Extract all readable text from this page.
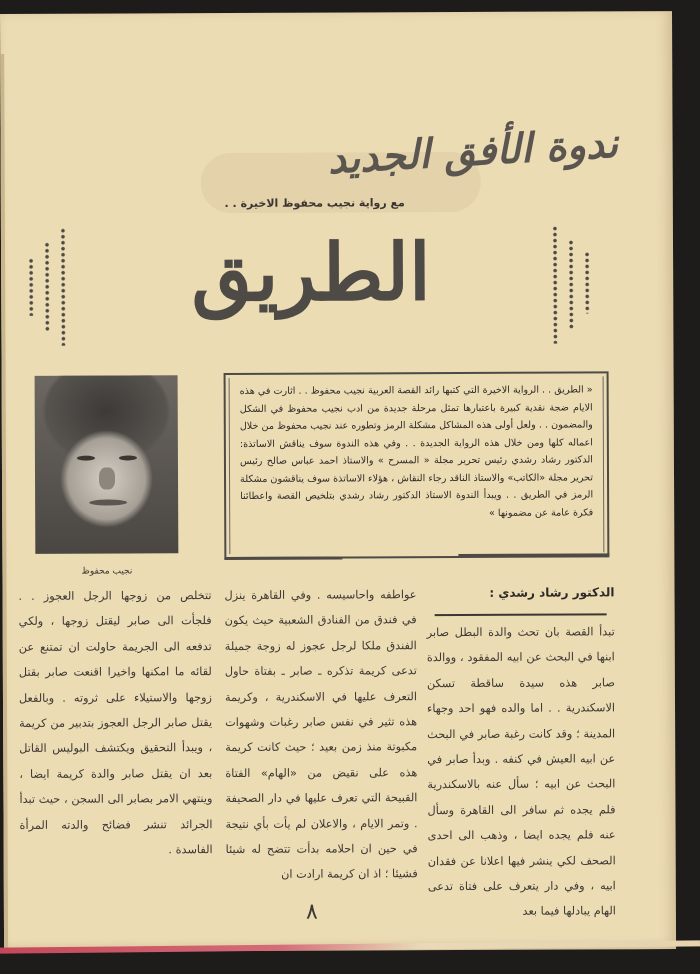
ندوة الأفق الجديد
مع رواية نجيب محفوظ الاخيرة . .
الطريق

« الطريق . . الرواية الاخيرة التي كتبها رائد القصة العربية نجيب محفوظ . . اثارت في هذه الايام ضجة نقدية كبيرة باعتبارها تمثل مرحلة جديدة من ادب نجيب محفوظ في الشكل والمضمون . . ولعل أولى هذه المشاكل مشكلة الرمز وتطوره عند نجيب محفوظ من خلال اعماله كلها ومن خلال هذه الرواية الجديدة . . وفي هذه الندوة سوف يناقش الاساتذة: الدكتور رشاد رشدي رئيس تحرير مجلة « المسرح » والاستاذ احمد عباس صالح رئيس تحرير مجلة «الكاتب» والاستاذ الناقد رجاء النقاش ، هؤلاء الاساتذة سوف يناقشون مشكلة الرمز في الطريق . . ويبدأ الندوة الاستاذ الدكتور رشاد رشدي بتلخيص القصة واعطائنا فكرة عامة عن مضمونها »

نجيب محفوظ
الدكتور رشاد رشدي :

تبدأ القصة بان تحث والدة البطل صابر ابنها في البحث عن ابيه المفقود ، ووالدة صابر هذه سيدة ساقطة تسكن الاسكندرية . . اما والده فهو احد وجهاء المدينة ؛ وقد كانت رغبة صابر في البحث عن ابيه العيش في كنفه . وبدأ صابر في البحث عن ابيه ؛ سأل عنه بالاسكندرية فلم يجده ثم سافر الى القاهرة وسأل عنه فلم يجده ايضا ، وذهب الى احدى الصحف لكي ينشر فيها اعلانا عن فقدان ابيه ، وفي دار يتعرف على فتاة تدعى الهام يبادلها فيما بعد

عواطفه واحاسيسه . وفي القاهرة ينزل في فندق من الفنادق الشعبية حيث يكون الفندق ملكا لرجل عجوز له زوجة جميلة تدعى كريمة تذكره ـ صابر ـ بفتاة حاول التعرف عليها في الاسكندرية ، وكريمة هذه تثير في نفس صابر رغبات وشهوات مكبوتة منذ زمن بعيد ؛ حيث كانت كريمة هذه على نقيض من «الهام» الفتاة القبيحة التي تعرف عليها في دار الصحيفة . وتمر الايام ، والاعلان لم يأت بأي نتيجة في حين ان احلامه بدأت تتضح له شيئا فشيئا ؛ اذ ان كريمة ارادت ان

تتخلص من زوجها الرجل العجوز . . فلجأت الى صابر ليقتل زوجها ، ولكي تدفعه الى الجريمة حاولت ان تمتنع عن لقائه ما امكنها واخيرا اقنعت صابر بقتل زوجها والاستيلاء على ثروته . وبالفعل يقتل صابر الرجل العجوز بتدبير من كريمة ، ويبدأ التحقيق ويكتشف البوليس القاتل بعد ان يقتل صابر والدة كريمة ايضا ، وينتهي الامر بصابر الى السجن ، حيث تبدأ الجرائد تنشر فضائح والدته المرأة الفاسدة .

٨
